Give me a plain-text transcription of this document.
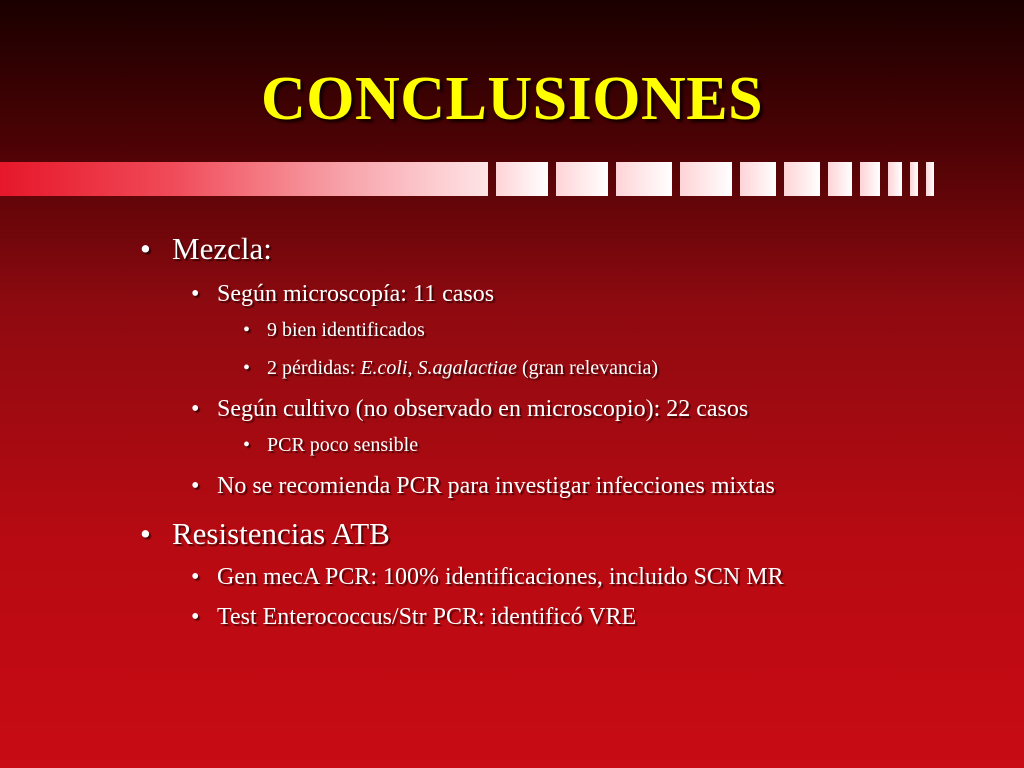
CONCLUSIONES
• Mezcla:
• Según microscopía: 11 casos
• 9 bien identificados
• 2 pérdidas: E.coli, S.agalactiae (gran relevancia)
• Según cultivo (no observado en microscopio): 22 casos
• PCR poco sensible
• No se recomienda PCR para investigar infecciones mixtas
• Resistencias ATB
• Gen mecA PCR: 100% identificaciones, incluido SCN MR
• Test Enterococcus/Str PCR: identificó VRE
